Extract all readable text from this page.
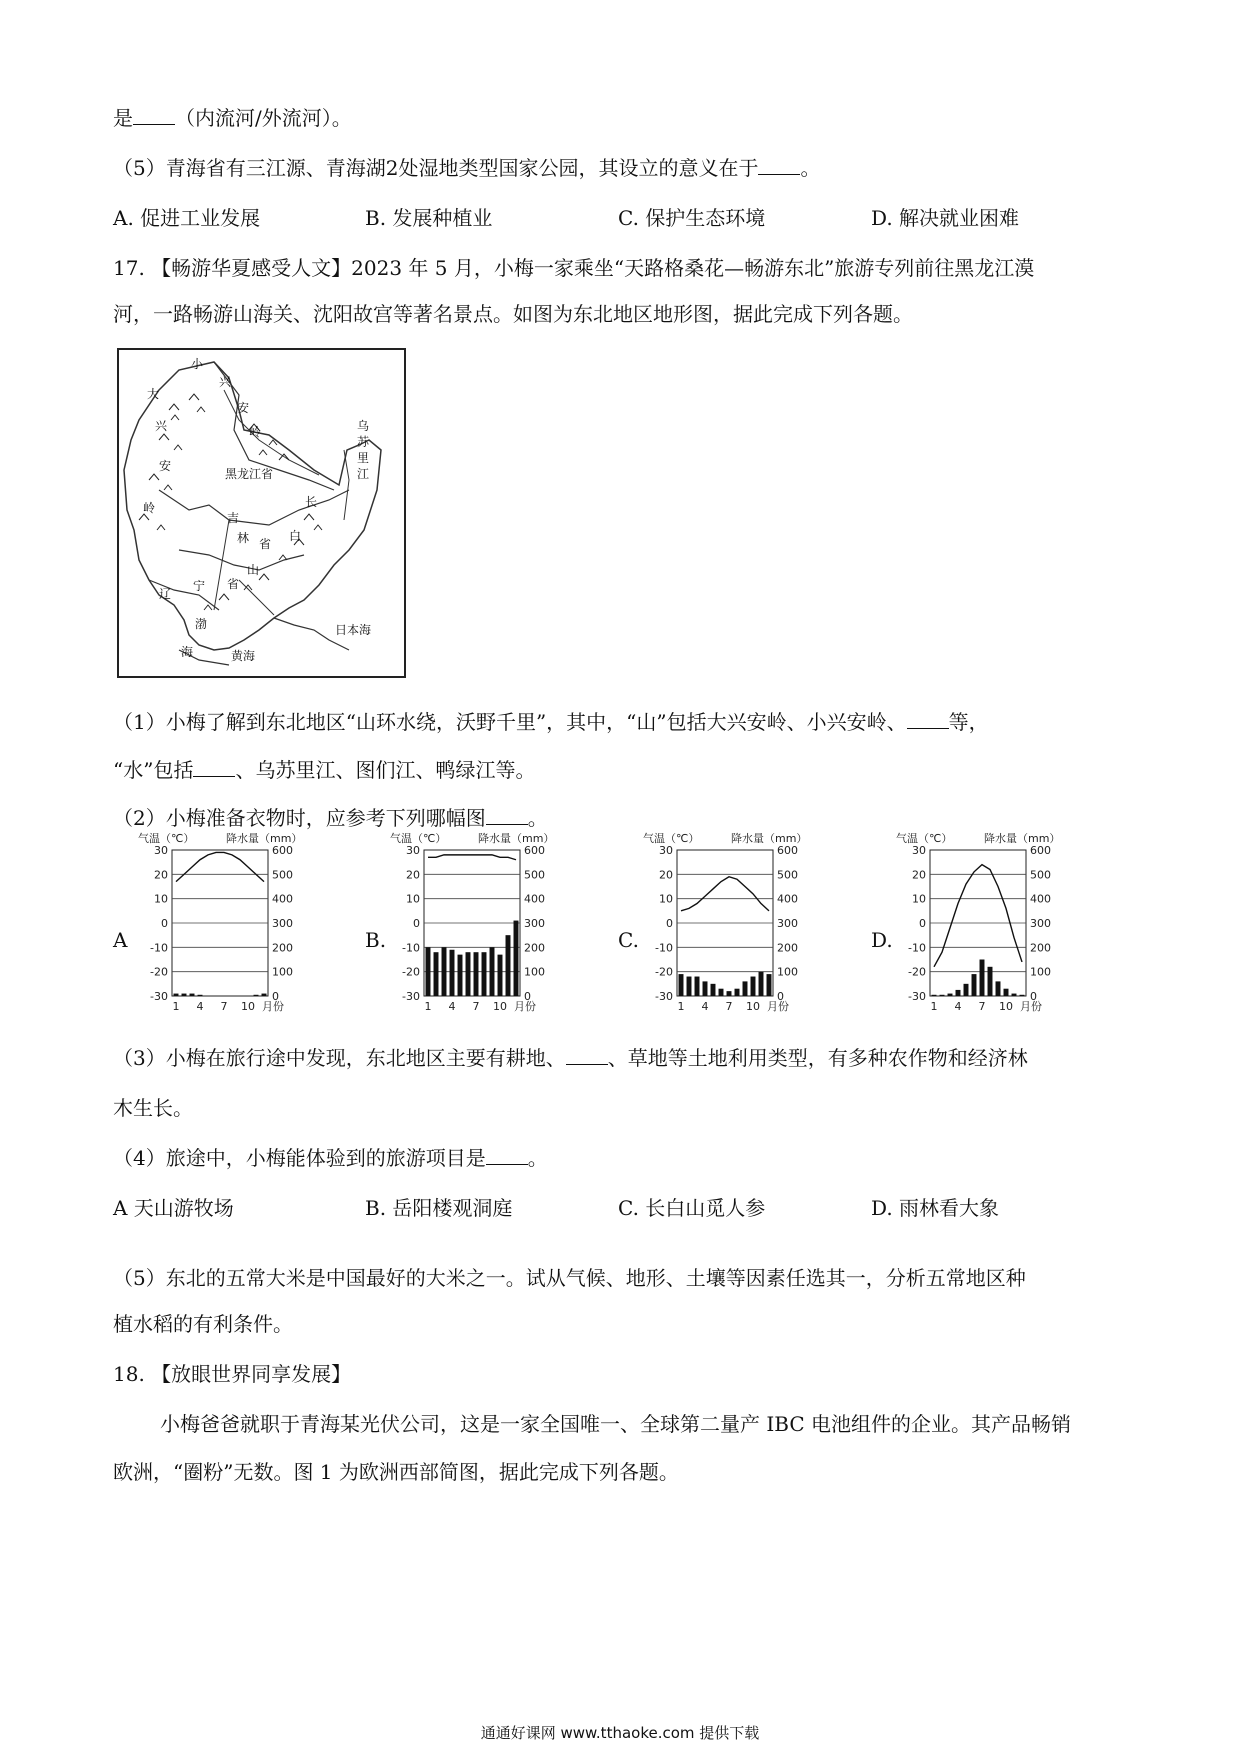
是 （内流河/外流河）。
（5）青海省有三江源、青海湖2处湿地类型国家公园，其设立的意义在于 。
A. 促进工业发展	B. 发展种植业	C. 保护生态环境	D. 解决就业困难
17. 【畅游华夏感受人文】2023 年 5 月，小梅一家乘坐“天路格桑花—畅游东北”旅游专列前往黑龙江漠
河，一路畅游山海关、沈阳故宫等著名景点。如图为东北地区地形图，据此完成下列各题。
小
兴
安
岭
大
兴
安
岭
黑龙江省
乌
苏
里
江
长
白
吉
林 省
山
辽
宁 省
渤
海
日本海
黄海
（1）小梅了解到东北地区“山环水绕，沃野千里”，其中，“山”包括大兴安岭、小兴安岭、 等，
“水”包括 、乌苏里江、图们江、鸭绿江等。
（2）小梅准备衣物时，应参考下列哪幅图 。
A	B.	C.	D.
气温（℃）	降水量（mm）
30	600
20	500
10	400
0	300
-10	200
-20	100
-30	0
1 4 7 10 月份
气温（℃）	降水量（mm）
30	600
20	500
10	400
0	300
-10	200
-20	100
-30	0
1 4 7 10 月份
气温（℃）	降水量（mm）
30	600
20	500
10	400
0	300
-10	200
-20	100
-30	0
1 4 7 10 月份
气温（℃）	降水量（mm）
30	600
20	500
10	400
0	300
-10	200
-20	100
-30	0
1 4 7 10 月份
（3）小梅在旅行途中发现，东北地区主要有耕地、 、草地等土地利用类型，有多种农作物和经济林
木生长。
（4）旅途中，小梅能体验到的旅游项目是 。
A 天山游牧场	B. 岳阳楼观洞庭	C. 长白山觅人参	D. 雨林看大象
（5）东北的五常大米是中国最好的大米之一。试从气候、地形、土壤等因素任选其一，分析五常地区种
植水稻的有利条件。
18. 【放眼世界同享发展】
小梅爸爸就职于青海某光伏公司，这是一家全国唯一、全球第二量产 IBC 电池组件的企业。其产品畅销
欧洲，“圈粉”无数。图 1 为欧洲西部简图，据此完成下列各题。
通通好课网 www.tthaoke.com 提供下载
